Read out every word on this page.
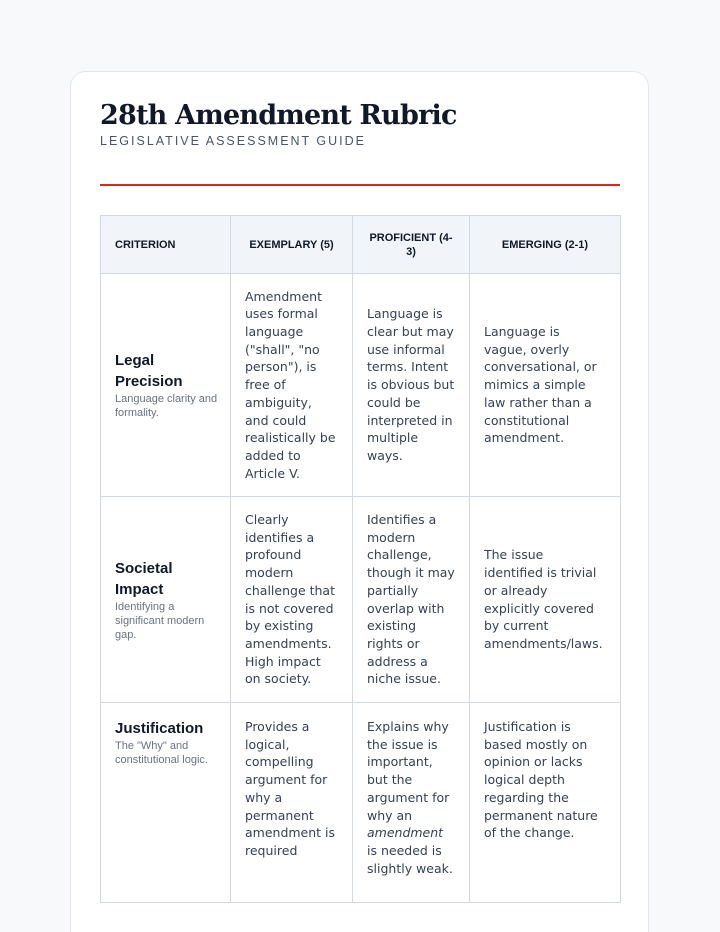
28th Amendment Rubric
LEGISLATIVE ASSESSMENT GUIDE
CRITERION	EXEMPLARY (5)	PROFICIENT (4-3)	EMERGING (2-1)

Legal Precision
Language clarity and formality.	Amendment uses formal language ("shall", "no person"), is free of ambiguity, and could realistically be added to Article V.	Language is clear but may use informal terms. Intent is obvious but could be interpreted in multiple ways.	Language is vague, overly conversational, or mimics a simple law rather than a constitutional amendment.

Societal Impact
Identifying a significant modern gap.	Clearly identifies a profound modern challenge that is not covered by existing amendments. High impact on society.	Identifies a modern challenge, though it may partially overlap with existing rights or address a niche issue.	The issue identified is trivial or already explicitly covered by current amendments/laws.

Justification
The "Why" and constitutional logic.	Provides a logical, compelling argument for why a permanent amendment is required	Explains why the issue is important, but the argument for why an amendment is needed is slightly weak.	Justification is based mostly on opinion or lacks logical depth regarding the permanent nature of the change.
